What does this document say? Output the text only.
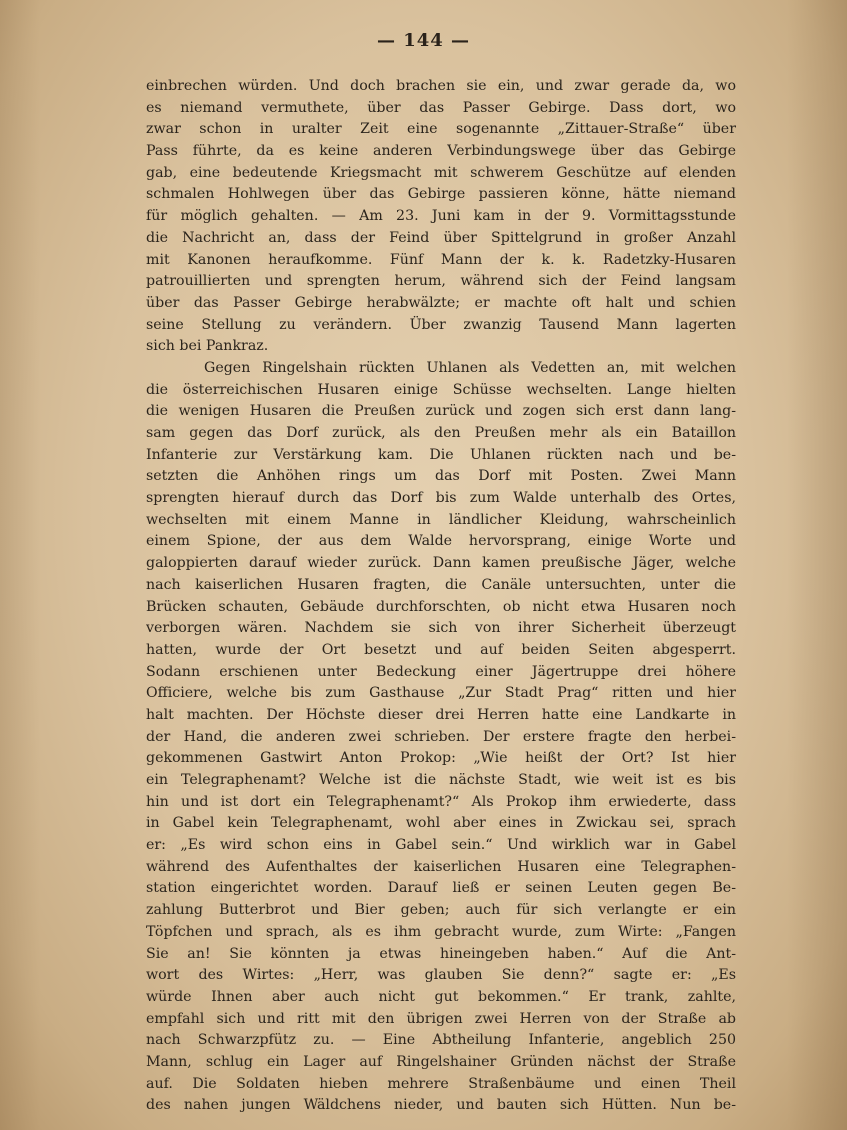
— 144 —
einbrechen würden. Und doch brachen sie ein, und zwar gerade da, wo
es niemand vermuthete, über das Passer Gebirge. Dass dort, wo
zwar schon in uralter Zeit eine sogenannte „Zittauer-Straße“ über
Pass führte, da es keine anderen Verbindungswege über das Gebirge
gab, eine bedeutende Kriegsmacht mit schwerem Geschütze auf elenden
schmalen Hohlwegen über das Gebirge passieren könne, hätte niemand
für möglich gehalten. — Am 23. Juni kam in der 9. Vormittagsstunde
die Nachricht an, dass der Feind über Spittelgrund in großer Anzahl
mit Kanonen heraufkomme. Fünf Mann der k. k. Radetzky-Husaren
patrouillierten und sprengten herum, während sich der Feind langsam
über das Passer Gebirge herabwälzte; er machte oft halt und schien
seine Stellung zu verändern. Über zwanzig Tausend Mann lagerten
sich bei Pankraz.
Gegen Ringelshain rückten Uhlanen als Vedetten an, mit welchen
die österreichischen Husaren einige Schüsse wechselten. Lange hielten
die wenigen Husaren die Preußen zurück und zogen sich erst dann lang-
sam gegen das Dorf zurück, als den Preußen mehr als ein Bataillon
Infanterie zur Verstärkung kam. Die Uhlanen rückten nach und be-
setzten die Anhöhen rings um das Dorf mit Posten. Zwei Mann
sprengten hierauf durch das Dorf bis zum Walde unterhalb des Ortes,
wechselten mit einem Manne in ländlicher Kleidung, wahrscheinlich
einem Spione, der aus dem Walde hervorsprang, einige Worte und
galoppierten darauf wieder zurück. Dann kamen preußische Jäger, welche
nach kaiserlichen Husaren fragten, die Canäle untersuchten, unter die
Brücken schauten, Gebäude durchforschten, ob nicht etwa Husaren noch
verborgen wären. Nachdem sie sich von ihrer Sicherheit überzeugt
hatten, wurde der Ort besetzt und auf beiden Seiten abgesperrt.
Sodann erschienen unter Bedeckung einer Jägertruppe drei höhere
Officiere, welche bis zum Gasthause „Zur Stadt Prag“ ritten und hier
halt machten. Der Höchste dieser drei Herren hatte eine Landkarte in
der Hand, die anderen zwei schrieben. Der erstere fragte den herbei-
gekommenen Gastwirt Anton Prokop: „Wie heißt der Ort? Ist hier
ein Telegraphenamt? Welche ist die nächste Stadt, wie weit ist es bis
hin und ist dort ein Telegraphenamt?“ Als Prokop ihm erwiederte, dass
in Gabel kein Telegraphenamt, wohl aber eines in Zwickau sei, sprach
er: „Es wird schon eins in Gabel sein.“ Und wirklich war in Gabel
während des Aufenthaltes der kaiserlichen Husaren eine Telegraphen-
station eingerichtet worden. Darauf ließ er seinen Leuten gegen Be-
zahlung Butterbrot und Bier geben; auch für sich verlangte er ein
Töpfchen und sprach, als es ihm gebracht wurde, zum Wirte: „Fangen
Sie an! Sie könnten ja etwas hineingeben haben.“ Auf die Ant-
wort des Wirtes: „Herr, was glauben Sie denn?“ sagte er: „Es
würde Ihnen aber auch nicht gut bekommen.“ Er trank, zahlte,
empfahl sich und ritt mit den übrigen zwei Herren von der Straße ab
nach Schwarzpfütz zu. — Eine Abtheilung Infanterie, angeblich 250
Mann, schlug ein Lager auf Ringelshainer Gründen nächst der Straße
auf. Die Soldaten hieben mehrere Straßenbäume und einen Theil
des nahen jungen Wäldchens nieder, und bauten sich Hütten. Nun be-
